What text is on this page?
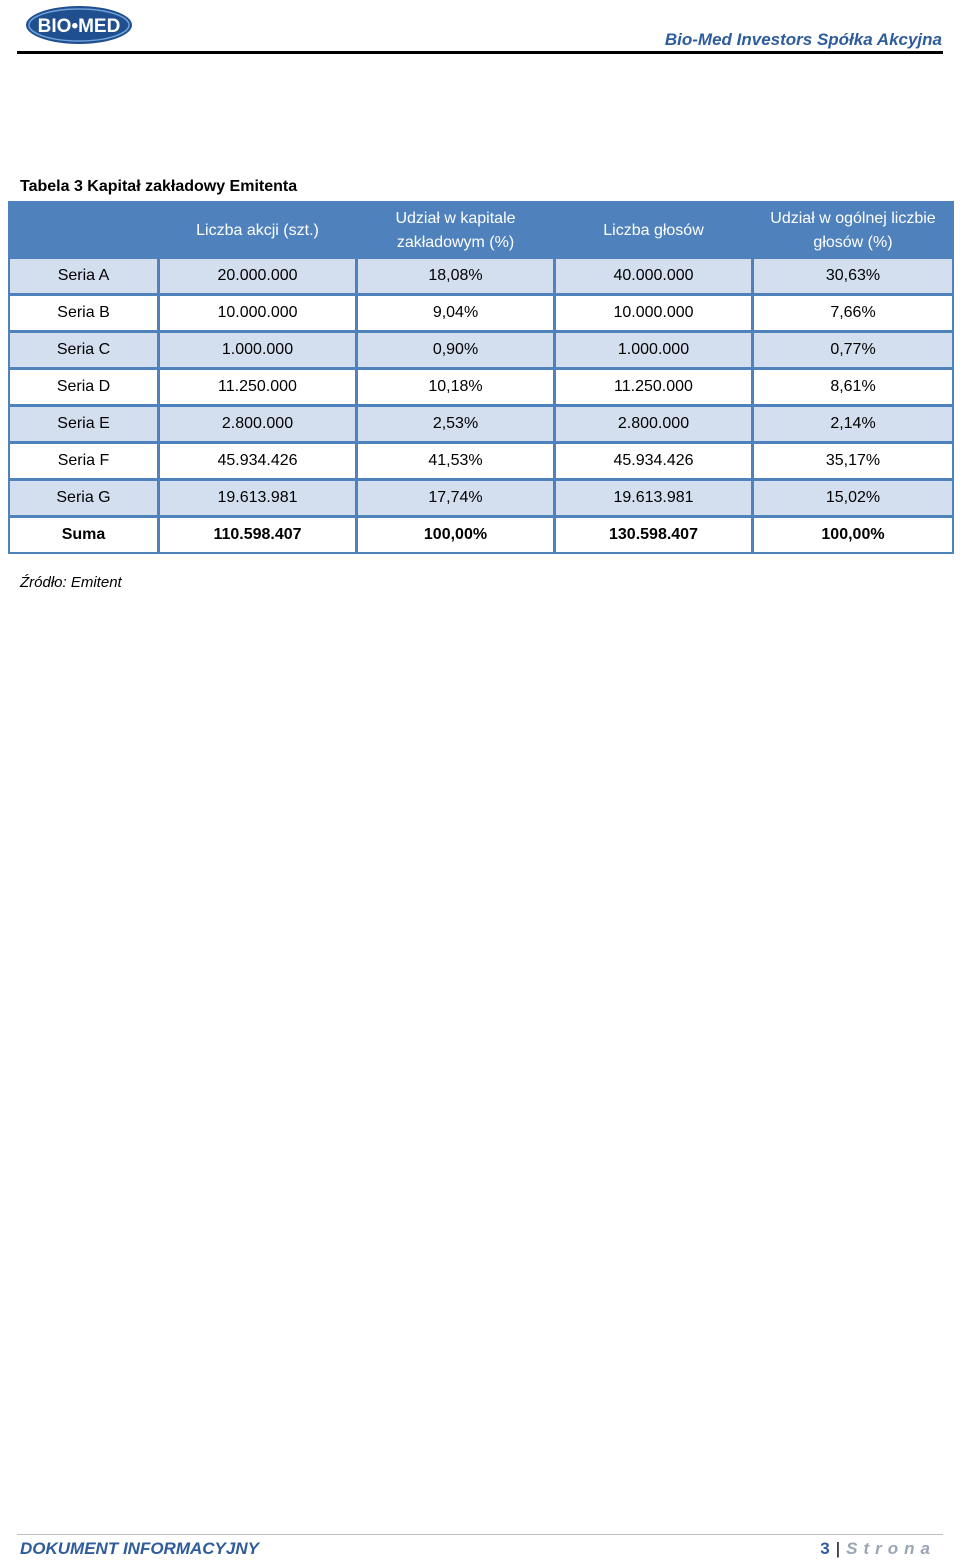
BIO•MED
Bio-Med Investors Spółka Akcyjna
Tabela 3 Kapitał zakładowy Emitenta
	Liczba akcji (szt.)	Udział w kapitale zakładowym (%)	Liczba głosów	Udział w ogólnej liczbie głosów (%)
Seria A	20.000.000	18,08%	40.000.000	30,63%
Seria B	10.000.000	9,04%	10.000.000	7,66%
Seria C	1.000.000	0,90%	1.000.000	0,77%
Seria D	11.250.000	10,18%	11.250.000	8,61%
Seria E	2.800.000	2,53%	2.800.000	2,14%
Seria F	45.934.426	41,53%	45.934.426	35,17%
Seria G	19.613.981	17,74%	19.613.981	15,02%
Suma	110.598.407	100,00%	130.598.407	100,00%
Źródło: Emitent
DOKUMENT INFORMACYJNY	3 | Strona
